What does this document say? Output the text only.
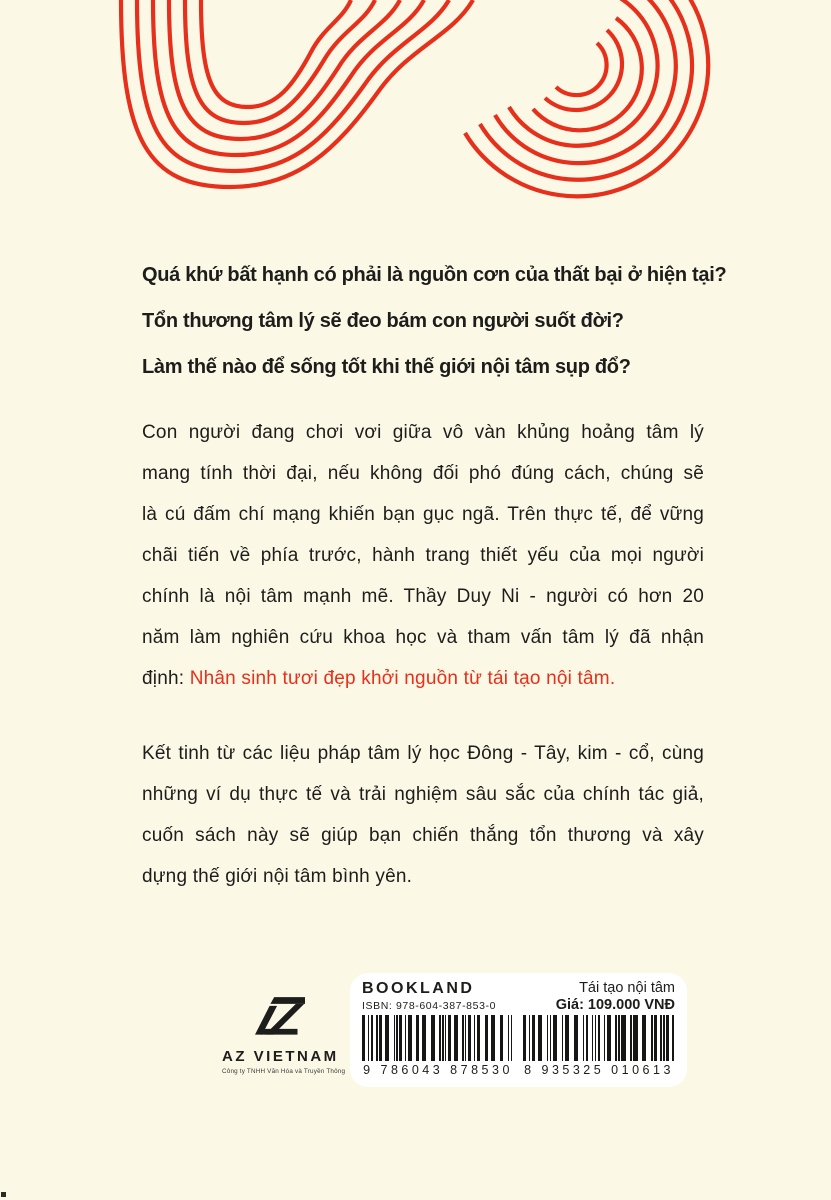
Quá khứ bất hạnh có phải là nguồn cơn của thất bại ở hiện tại?
Tổn thương tâm lý sẽ đeo bám con người suốt đời?
Làm thế nào để sống tốt khi thế giới nội tâm sụp đổ?
Con người đang chơi vơi giữa vô vàn khủng hoảng tâm lý
mang tính thời đại, nếu không đối phó đúng cách, chúng sẽ
là cú đấm chí mạng khiến bạn gục ngã. Trên thực tế, để vững
chãi tiến về phía trước, hành trang thiết yếu của mọi người
chính là nội tâm mạnh mẽ. Thầy Duy Ni - người có hơn 20
năm làm nghiên cứu khoa học và tham vấn tâm lý đã nhận
định: Nhân sinh tươi đẹp khởi nguồn từ tái tạo nội tâm.
Kết tinh từ các liệu pháp tâm lý học Đông - Tây, kim - cổ, cùng
những ví dụ thực tế và trải nghiệm sâu sắc của chính tác giả,
cuốn sách này sẽ giúp bạn chiến thắng tổn thương và xây
dựng thế giới nội tâm bình yên.
AZ VIETNAM
Công ty TNHH Văn Hóa và Truyền Thông
BOOKLAND
ISBN: 978-604-387-853-0
9 786043 878530
Tái tạo nội tâm
Giá: 109.000 VNĐ
8 935325 010613
